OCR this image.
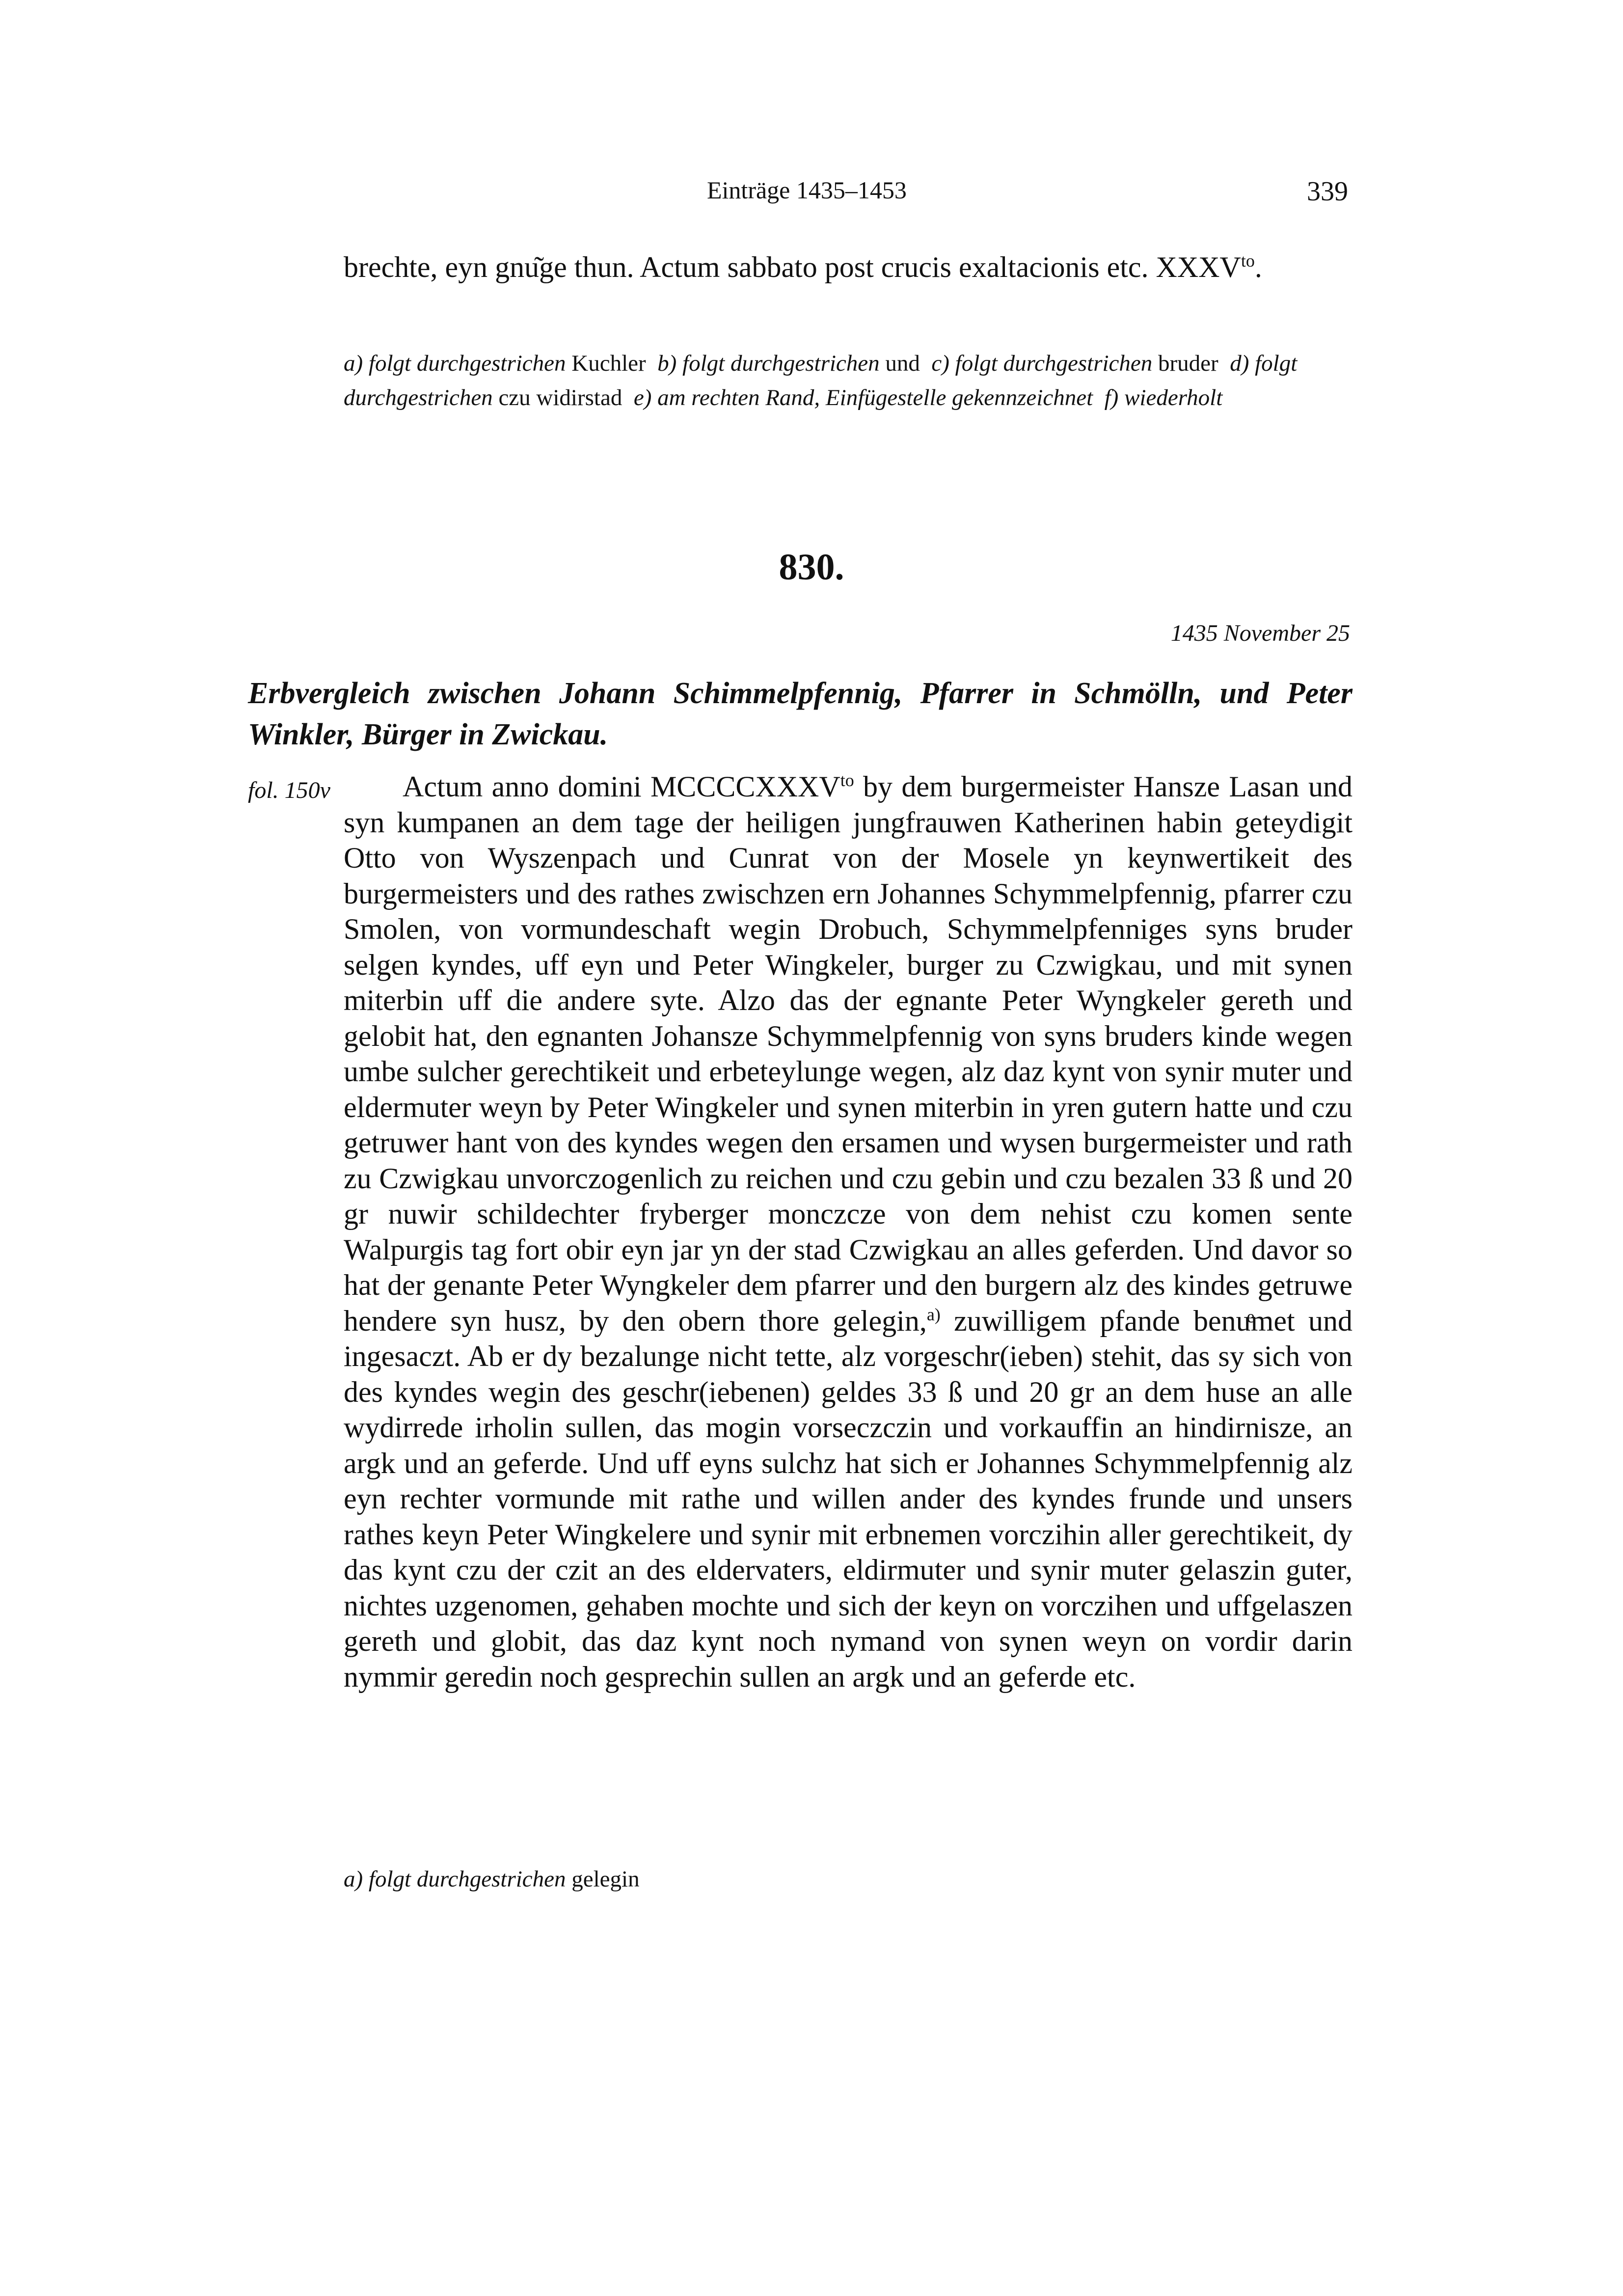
Einträge 1435–1453	339
brechte, eyn gnu͂ge thun. Actum sabbato post crucis exaltacionis etc. $XXXV^{to}$.
a) folgt durchgestrichen Kuchler b) folgt durchgestrichen und c) folgt durchgestrichen bruder d) folgt durchgestrichen czu widirstad e) am rechten Rand, Einfügestelle gekennzeichnet f) wiederholt
830.
1435 November 25
Erbvergleich zwischen Johann Schimmelpfennig, Pfarrer in Schmölln, und Peter Winkler, Bürger in Zwickau.
fol. 150v	Actum anno domini $MCCCCXXXV^{to}$ by dem burgermeister Hansze Lasan und syn kumpanen an dem tage der heiligen jungfrauwen Katherinen habin geteydigit Otto von Wyszenpach und Cunrat von der Mosele yn keynwertikeit des burgermeisters und des rathes zwischzen ern Johannes Schymmelpfennig, pfarrer czu Smolen, von vormundeschaft wegin Drobuch, Schymmelpfenniges syns bruder selgen kyndes, uff eyn und Peter Wingkeler, burger zu Czwigkau, und mit synen miterbin uff die andere syte. Alzo das der egnante Peter Wyngkeler gereth und gelobit hat, den egnanten Johansze Schymmelpfennig von syns bruders kinde wegen umbe sulcher gerechtikeit und erbeteylunge wegen, alz daz kynt von synir muter und eldermuter weyn by Peter Wingkeler und synen miterbin in yren gutern hatte und czu getruwer hant von des kyndes wegen den ersamen und wysen burgermeister und rath zu Czwigkau unvorczogenlich zu reichen und czu gebin und czu bezalen 33 ß und 20 gr nuwir schildechter fryberger monczcze von dem nehist czu komen sente Walpurgis tag fort obir eyn jar yn der stad Czwigkau an alles geferden. Und davor so hat der genante Peter Wyngkeler dem pfarrer und den burgern alz des kindes getruwe hendere syn husz, by den obern thore gelegin,$^{a)}$ zuwilligem pfande benuͤmet und ingesaczt. Ab er dy bezalunge nicht tette, alz vorgeschr(ieben) stehit, das sy sich von des kyndes wegin des geschr(iebenen) geldes 33 ß und 20 gr an dem huse an alle wydirrede irholin sullen, das mogin vorseczczin und vorkauffin an hindirnisze, an argk und an geferde. Und uff eyns sulchz hat sich er Johannes Schymmelpfennig alz eyn rechter vormunde mit rathe und willen ander des kyndes frunde und unsers rathes keyn Peter Wingkelere und synir mit erbnemen vorczihin aller gerechtikeit, dy das kynt czu der czit an des eldervaters, eldirmuter und synir muter gelaszin guter, nichtes uzgenomen, gehaben mochte und sich der keyn on vorczihen und uffgelaszen gereth und globit, das daz kynt noch nymand von synen weyn on vordir darin nymmir geredin noch gesprechin sullen an argk und an geferde etc.
a) folgt durchgestrichen gelegin
